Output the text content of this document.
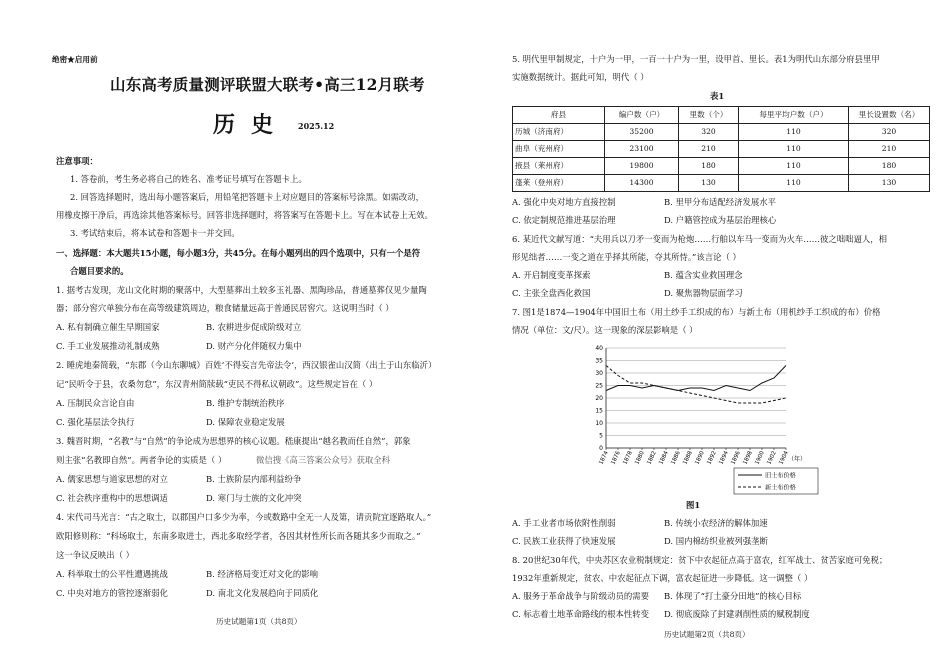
绝密★启用前
山东高考质量测评联盟大联考•高三12月联考
历史 2025.12
注意事项：
1. 答卷前，考生务必将自己的姓名、准考证号填写在答题卡上。
2. 回答选择题时，选出每小题答案后，用铅笔把答题卡上对应题目的答案标号涂黑。如需改动，
用橡皮擦干净后，再选涂其他答案标号。回答非选择题时，将答案写在答题卡上。写在本试卷上无效。
3. 考试结束后，将本试卷和答题卡一并交回。
一、选择题：本大题共15小题，每小题3分，共45分。在每小题列出的四个选项中，只有一个是符
合题目要求的。
1. 据考古发现，龙山文化时期的聚落中，大型墓葬出土较多玉礼器、黑陶珍品，普通墓葬仅见少量陶
器；部分窖穴单独分布在高等级建筑周边，粮食储量远高于普通民居窖穴。这说明当时（ ）
A. 私有制确立催生早期国家	B. 农耕进步促成阶级对立
C. 手工业发展推动礼制成熟	D. 财产分化伴随权力集中
2. 睡虎地秦简载，“东郡（今山东聊城）百姓‘不得妄言先帝法令’，西汉银雀山汉简（出土于山东临沂）
记“民听令于县，农桑勿怠”，东汉青州简牍载“吏民不得私议朝政”。这些规定旨在（ ）
A. 压制民众言论自由	B. 维护专制统治秩序
C. 强化基层法令执行	D. 保障农业稳定发展
3. 魏晋时期，“名教”与“自然”的争论成为思想界的核心议题。嵇康提出“越名教而任自然”，郭象
则主张“名教即自然”。两者争论的实质是（ ）	微信搜《高三答案公众号》获取全科
A. 儒家思想与道家思想的对立	B. 士族阶层内部利益纷争
C. 社会秩序重构中的思想调适	D. 寒门与士族的文化冲突
4. 宋代司马光言：“古之取士，以郡国户口多少为率，今或数路中全无一人及第，请贡院宜逐路取人。”
欧阳修则称：“科场取士，东南多取进士，西北多取经学者，各因其材性所长而各随其多少而取之。”
这一争议反映出（ ）
A. 科举取士的公平性遭遇挑战	B. 经济格局变迁对文化的影响
C. 中央对地方的管控逐渐弱化	D. 南北文化发展趋向于同质化
历史试题第1页（共8页）
5. 明代里甲制规定，十户为一甲，一百一十户为一里，设甲首、里长。表1为明代山东部分府县里甲
实施数据统计。据此可知，明代（ ）
表1
府县	编户数（户）	里数（个）	每里平均户数（户）	里长设置数（名）
历城（济南府）	35200	320	110	320
曲阜（兖州府）	23100	210	110	210
掖县（莱州府）	19800	180	110	180
蓬莱（登州府）	14300	130	110	130
A. 强化中央对地方直接控制	B. 里甲分布适配经济发展水平
C. 依定制规范推进基层治理	D. 户籍管控成为基层治理核心
6. 某近代文献写道：“夫用兵以刀矛一变而为枪炮……行舶以车马一变而为火车……彼之咄咄逼人，相
形见绌者……一变之道在乎择其所能，夺其所恃。”该言论（ ）
A. 开启制度变革探索	B. 蕴含实业救国理念
C. 主张全盘西化救国	D. 聚焦器物层面学习
7. 图1是1874—1904年中国旧土布（用土纱手工织成的布）与新土布（用机纱手工织成的布）价格
情况（单位：文/尺）。这一现象的深层影响是（ ）
0
5
10
15
20
25
30
35
40
1874 1876 1878 1880 1882 1884 1886 1888 1890 1892 1894 1896 1898 1900 1902 1904
（年）
旧土布价格
新土布价格
图1
A. 手工业者市场依附性削弱	B. 传统小农经济的解体加速
C. 民族工业获得了快速发展	D. 国内棉纺织业被列强垄断
8. 20世纪30年代，中央苏区农业税制规定：贫下中农起征点高于富农，红军战士、贫苦家庭可免税；
1932年重新规定，贫农、中农起征点下调，富农起征进一步降低。这一调整（ ）
A. 服务于革命战争与阶级动员的需要 B. 体现了“打土豪分田地”的核心目标
C. 标志着土地革命路线的根本性转变 D. 彻底废除了封建剥削性质的赋税制度
历史试题第2页（共8页）
